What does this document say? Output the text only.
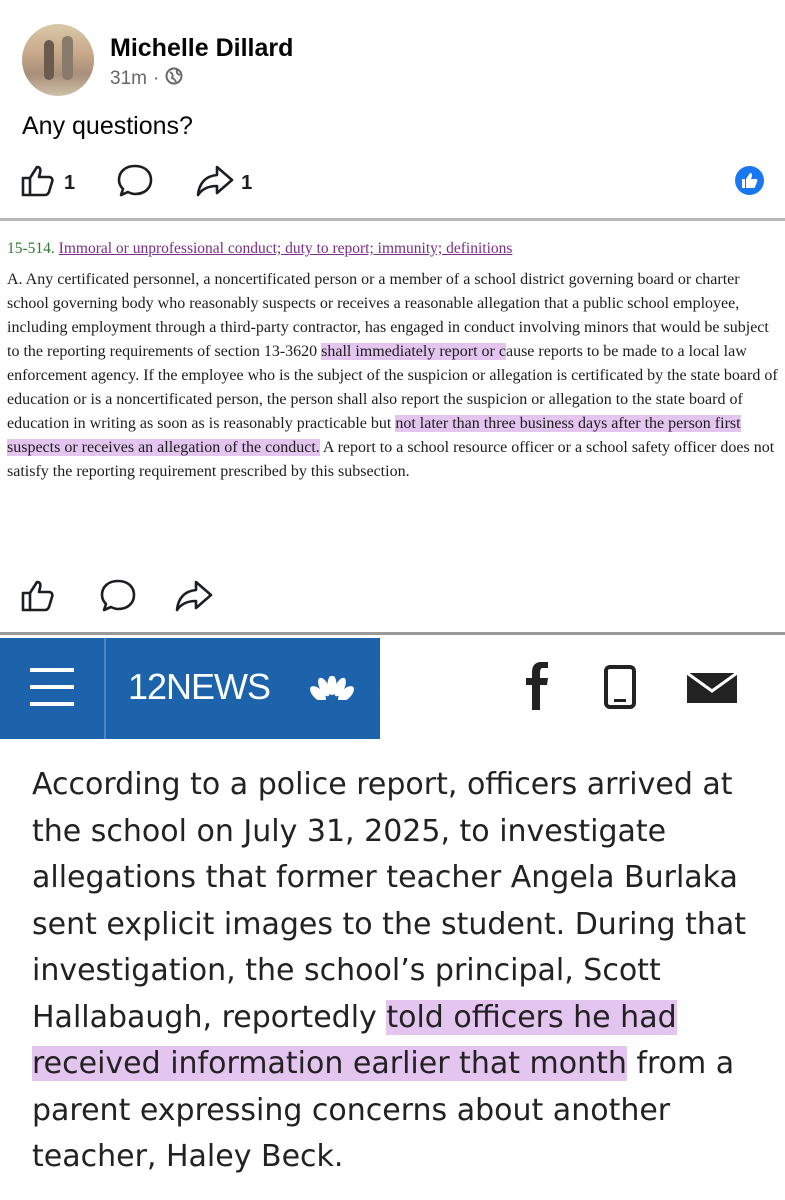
Michelle Dillard
31m ·
Any questions?
1	1
15-514. Immoral or unprofessional conduct; duty to report; immunity; definitions
A. Any certificated personnel, a noncertificated person or a member of a school district governing board or charter school governing body who reasonably suspects or receives a reasonable allegation that a public school employee, including employment through a third-party contractor, has engaged in conduct involving minors that would be subject to the reporting requirements of section 13-3620 shall immediately report or cause reports to be made to a local law enforcement agency. If the employee who is the subject of the suspicion or allegation is certificated by the state board of education or is a noncertificated person, the person shall also report the suspicion or allegation to the state board of education in writing as soon as is reasonably practicable but not later than three business days after the person first suspects or receives an allegation of the conduct. A report to a school resource officer or a school safety officer does not satisfy the reporting requirement prescribed by this subsection.
12NEWS
According to a police report, officers arrived at the school on July 31, 2025, to investigate allegations that former teacher Angela Burlaka sent explicit images to the student. During that investigation, the school’s principal, Scott Hallabaugh, reportedly told officers he had received information earlier that month from a parent expressing concerns about another teacher, Haley Beck.
